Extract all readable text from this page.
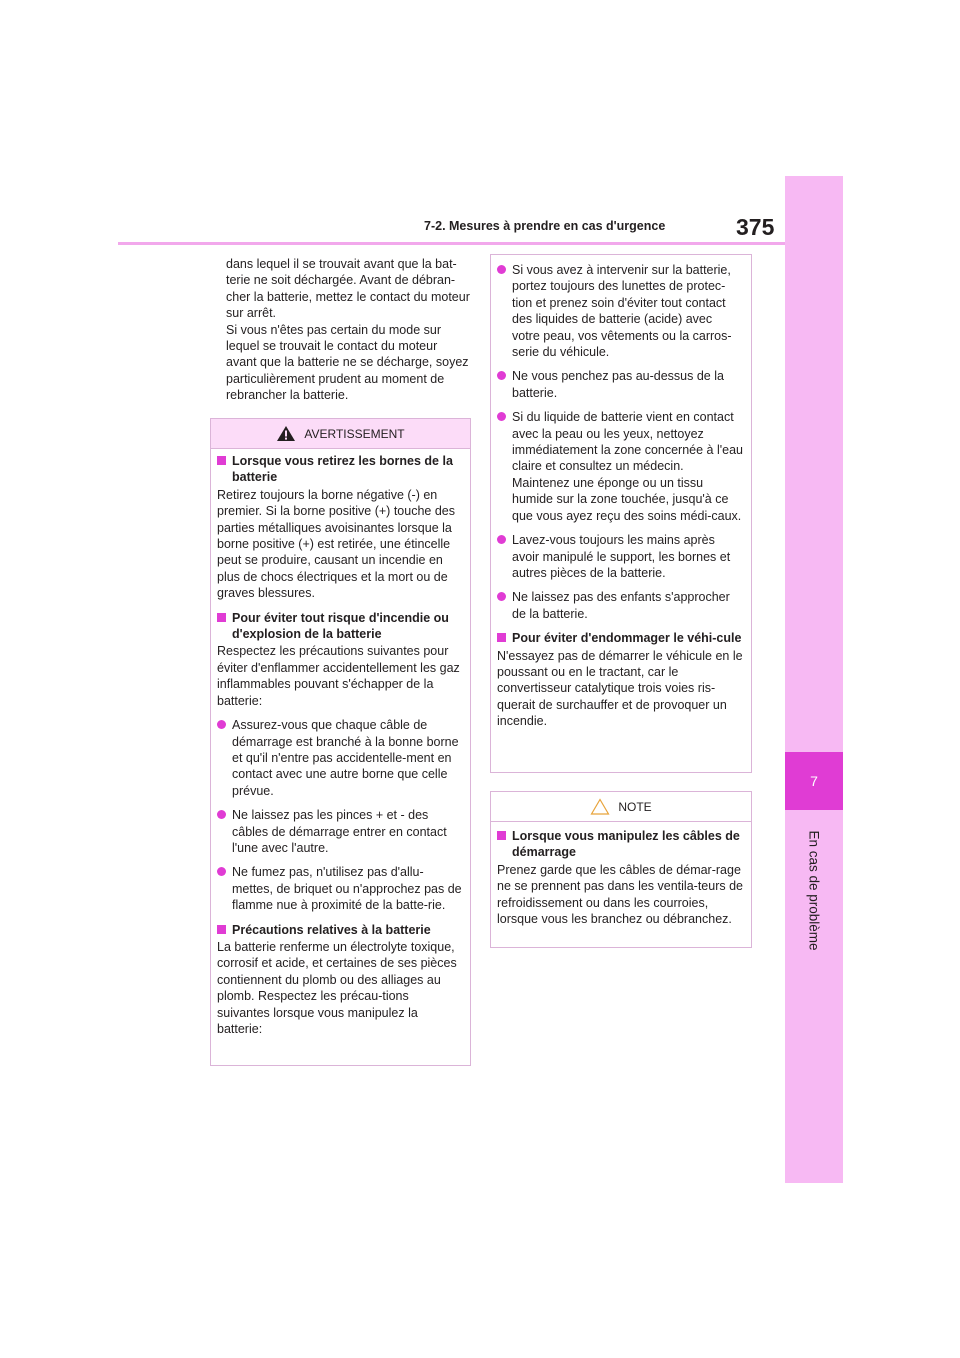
7
En cas de problème
7-2. Mesures à prendre en cas d'urgence	375

dans lequel il se trouvait avant que la bat-terie ne soit déchargée. Avant de débran-cher la batterie, mettez le contact du moteur sur arrêt.

Si vous n'êtes pas certain du mode sur lequel se trouvait le contact du moteur avant que la batterie ne se décharge, soyez particulièrement prudent au moment de rebrancher la batterie.

AVERTISSEMENT
Lorsque vous retirez les bornes de la batterie

Retirez toujours la borne négative (-) en premier. Si la borne positive (+) touche des parties métalliques avoisinantes lorsque la borne positive (+) est retirée, une étincelle peut se produire, causant un incendie en plus de chocs électriques et la mort ou de graves blessures.

Pour éviter tout risque d'incendie ou d'explosion de la batterie

Respectez les précautions suivantes pour éviter d'enflammer accidentellement les gaz inflammables pouvant s'échapper de la batterie:

Assurez-vous que chaque câble de démarrage est branché à la bonne borne et qu'il n'entre pas accidentelle-ment en contact avec une autre borne que celle prévue.
Ne laissez pas les pinces + et - des câbles de démarrage entrer en contact l'une avec l'autre.
Ne fumez pas, n'utilisez pas d'allu-mettes, de briquet ou n'approchez pas de flamme nue à proximité de la batte-rie.
Précautions relatives à la batterie

La batterie renferme un électrolyte toxique, corrosif et acide, et certaines de ses pièces contiennent du plomb ou des alliages au plomb. Respectez les précau-tions suivantes lorsque vous manipulez la batterie:

Si vous avez à intervenir sur la batterie, portez toujours des lunettes de protec-tion et prenez soin d'éviter tout contact des liquides de batterie (acide) avec votre peau, vos vêtements ou la carros-serie du véhicule.
Ne vous penchez pas au-dessus de la batterie.
Si du liquide de batterie vient en contact avec la peau ou les yeux, nettoyez immédiatement la zone concernée à l'eau claire et consultez un médecin. Maintenez une éponge ou un tissu humide sur la zone touchée, jusqu'à ce que vous ayez reçu des soins médi-caux.
Lavez-vous toujours les mains après avoir manipulé le support, les bornes et autres pièces de la batterie.
Ne laissez pas des enfants s'approcher de la batterie.
Pour éviter d'endommager le véhi-cule

N'essayez pas de démarrer le véhicule en le poussant ou en le tractant, car le convertisseur catalytique trois voies ris-querait de surchauffer et de provoquer un incendie.

NOTE
Lorsque vous manipulez les câbles de démarrage

Prenez garde que les câbles de démar-rage ne se prennent pas dans les ventila-teurs de refroidissement ou dans les courroies, lorsque vous les branchez ou débranchez.
